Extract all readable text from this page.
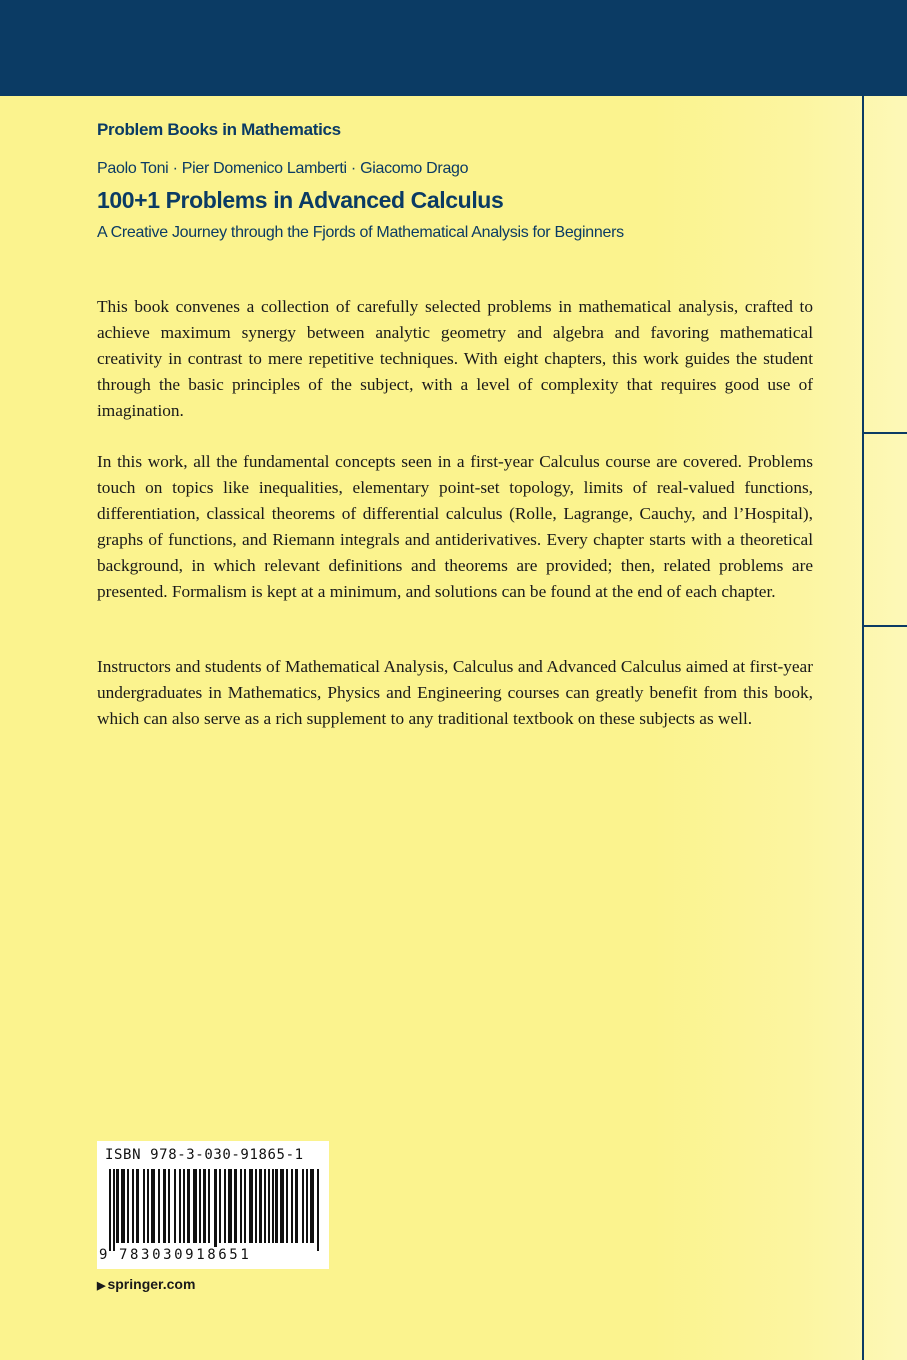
Problem Books in Mathematics
Paolo Toni · Pier Domenico Lamberti · Giacomo Drago
100+1 Problems in Advanced Calculus
A Creative Journey through the Fjords of Mathematical Analysis for Beginners

This book convenes a collection of carefully selected problems in mathematical analysis, crafted to achieve maximum synergy between analytic geometry and algebra and favoring mathematical creativity in contrast to mere repetitive techniques. With eight chapters, this work guides the student through the basic principles of the subject, with a level of complexity that requires good use of imagination.

In this work, all the fundamental concepts seen in a first-year Calculus course are covered. Problems touch on topics like inequalities, elementary point-set topology, limits of real-valued functions, differentiation, classical theorems of differential calculus (Rolle, Lagrange, Cauchy, and l’Hospital), graphs of functions, and Riemann integrals and antiderivatives. Every chapter starts with a theoretical background, in which relevant definitions and theorems are provided; then, related problems are presented. Formalism is kept at a minimum, and solutions can be found at the end of each chapter.

Instructors and students of Mathematical Analysis, Calculus and Advanced Calculus aimed at first-year undergraduates in Mathematics, Physics and Engineering courses can greatly benefit from this book, which can also serve as a rich supplement to any traditional textbook on these subjects as well.

ISBN 978-3-030-91865-1
9 783030918651
▶ springer.com
